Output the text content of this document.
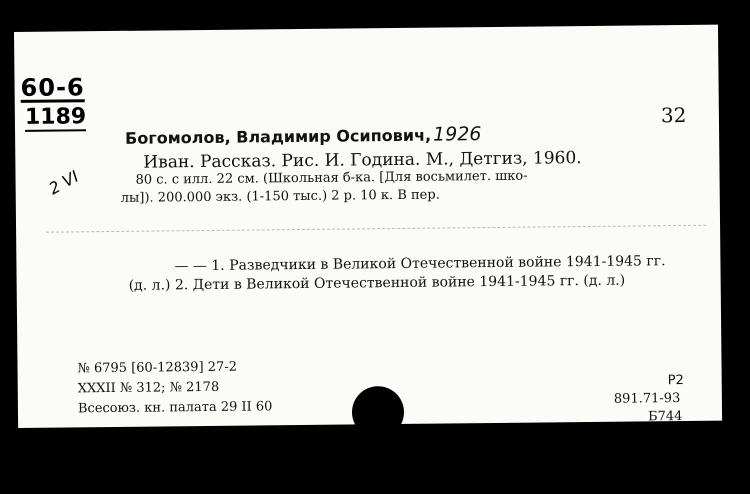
60-6
1189
2 VI
32
Богомолов, Владимир Осипович,1926
Иван. Рассказ. Рис. И. Година. М., Детгиз, 1960.
80 с. с илл. 22 см. (Школьная б-ка. [Для восьмилет. шко-
лы]). 200.000 экз. (1-150 тыс.) 2 р. 10 к. В пер.
— — 1. Разведчики в Великой Отечественной войне 1941-1945 гг.
(д. л.) 2. Дети в Великой Отечественной войне 1941-1945 гг. (д. л.)
№ 6795 [60-12839] 27-2
XXXII № 312; № 2178
Всесоюз. кн. палата 29 II 60
P2
891.71-93
Б744
16.III.60 г Вм.
